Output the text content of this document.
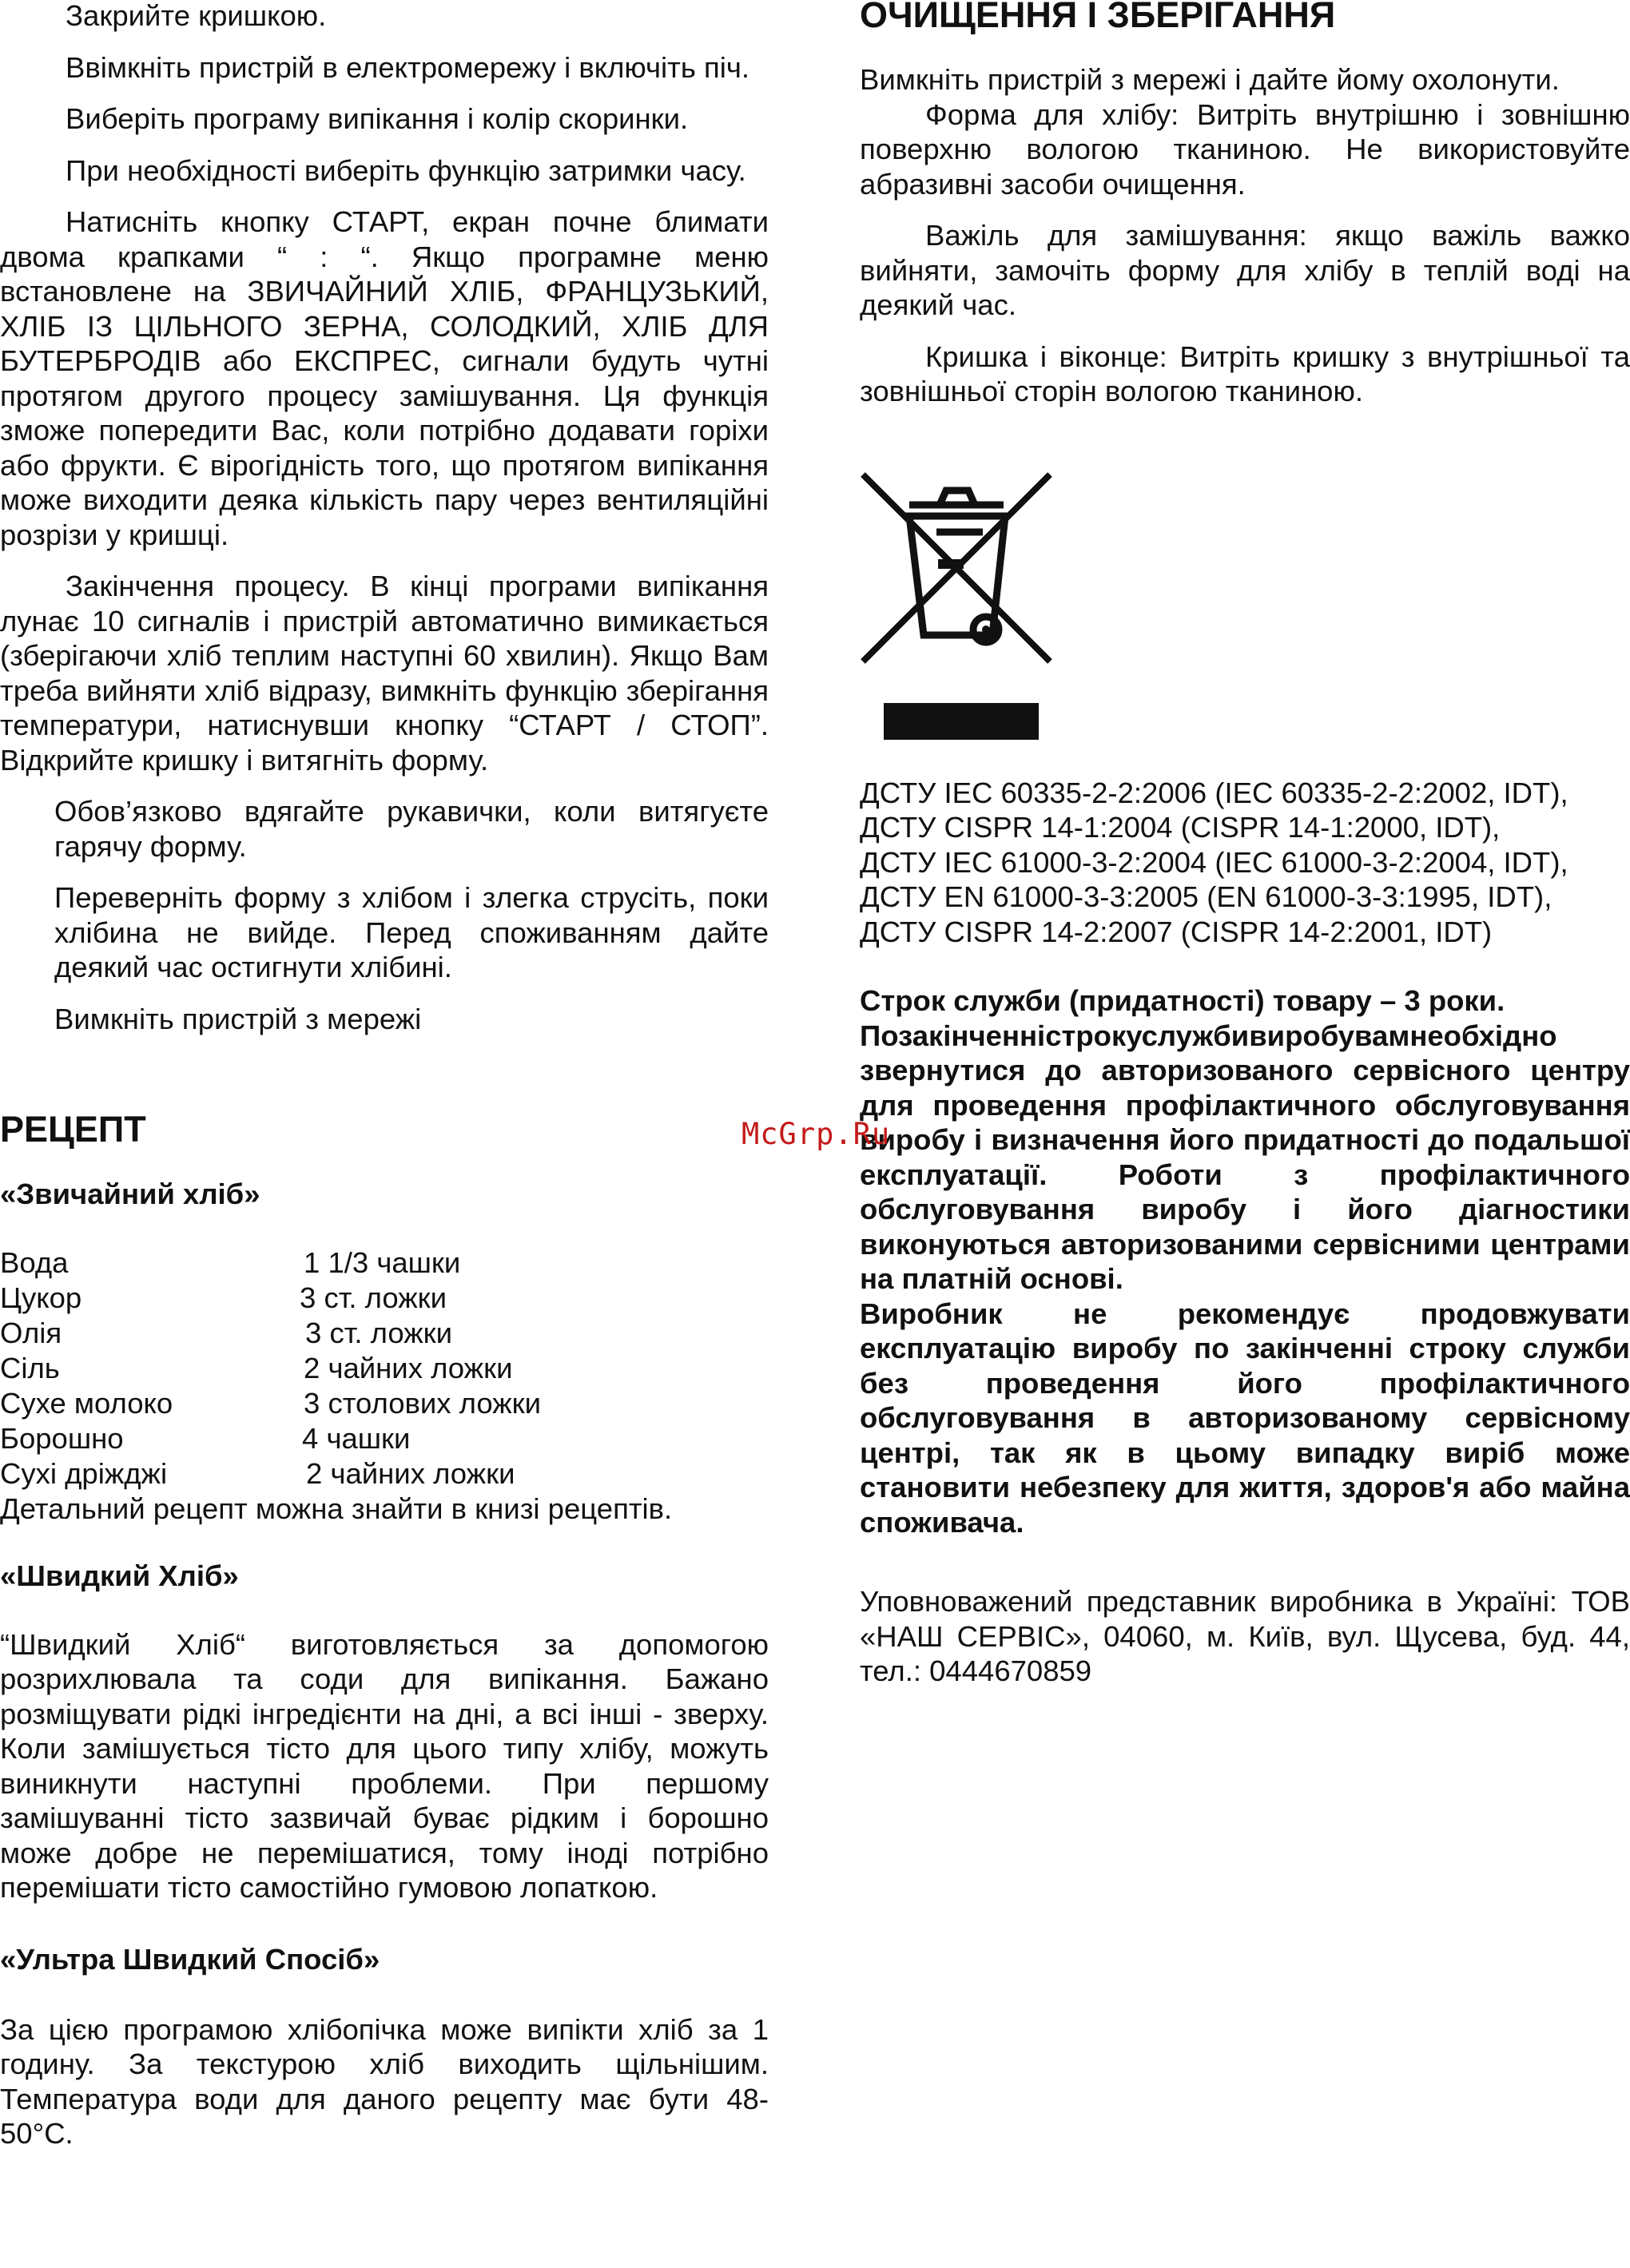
Закрийте кришкою.

Ввімкніть пристрій в електромережу і включіть піч.

Виберіть програму випікання і колір скоринки.

При необхідності виберіть функцію затримки часу.

Натисніть кнопку СТАРТ, екран почне блимати двома крапками “ : “. Якщо програмне меню встановлене на ЗВИЧАЙНИЙ ХЛІБ, ФРАНЦУЗЬКИЙ, ХЛІБ ІЗ ЦІЛЬНОГО ЗЕРНА, СОЛОДКИЙ, ХЛІБ ДЛЯ БУТЕРБРОДІВ або ЕКСПРЕС, сигнали будуть чутні протягом другого процесу замішування. Ця функція зможе попередити Вас, коли потрібно додавати горіхи або фрукти. Є вірогідність того, що протягом випікання може виходити деяка кількість пару через вентиляційні розрізи у кришці.

Закінчення процесу. В кінці програми випікання лунає 10 сигналів і пристрій автоматично вимикається (зберігаючи хліб теплим наступні 60 хвилин). Якщо Вам треба вийняти хліб відразу, вимкніть функцію зберігання температури, натиснувши кнопку “СТАРТ / СТОП”. Відкрийте кришку і витягніть форму.

Обов’язково вдягайте рукавички, коли витягуєте гарячу форму.

Переверніть форму з хлібом і злегка струсіть, поки хлібина не вийде. Перед споживанням дайте деякий час остигнути хлібині.

Вимкніть пристрій з мережі

РЕЦЕПТ
«Звичайний хліб»
Вода	1 1/3 чашки
Цукор	3 ст. ложки
Олія	3 ст. ложки
Сіль	2 чайних ложки
Сухе молоко	3 столових ложки
Борошно	4 чашки
Сухі дріжджі	2 чайних ложки

Детальний рецепт можна знайти в книзі рецептів.

«Швидкий Хліб»

“Швидкий Хліб“ виготовляється за допомогою розрихлювала та соди для випікання. Бажано розміщувати рідкі інгредієнти на дні, а всі інші - зверху. Коли замішується тісто для цього типу хлібу, можуть виникнути наступні проблеми. При першому замішуванні тісто зазвичай буває рідким і борошно може добре не перемішатися, тому іноді потрібно перемішати тісто самостійно гумовою лопаткою.

«Ультра Швидкий Спосіб»

За цією програмою хлібопічка може випікти хліб за 1 годину. За текстурою хліб виходить щільнішим. Температура води для даного рецепту має бути 48-50°С.

ОЧИЩЕННЯ І ЗБЕРІГАННЯ

Вимкніть пристрій з мережі і дайте йому охолонути.

Форма для хлібу: Витріть внутрішню і зовнішню поверхню вологою тканиною. Не використовуйте абразивні засоби очищення.

Важіль для замішування: якщо важіль важко вийняти, замочіть форму для хлібу в теплій воді на деякий час.

Кришка і віконце: Витріть кришку з внутрішньої та зовнішньої сторін вологою тканиною.

ДСТУ IEC 60335-2-2:2006 (IEC 60335-2-2:2002, IDT),

ДСТУ CISPR 14-1:2004 (CISPR 14-1:2000, IDT),

ДСТУ IEC 61000-3-2:2004 (IEC 61000-3-2:2004, IDT),

ДСТУ EN 61000-3-3:2005 (EN 61000-3-3:1995, IDT),

ДСТУ CISPR 14-2:2007 (CISPR 14-2:2001, IDT)

Строк служби (придатності) товару – 3 роки.

Позакінченністрокуслужбивиробувамнеобхідно звернутися до авторизованого сервісного центру для проведення профілактичного обслуговування виробу і визначення його придатності до подальшої експлуатації. Роботи з профілактичного обслуговування виробу і його діагностики виконуються авторизованими сервісними центрами на платній основі.

Виробник не рекомендує продовжувати експлуатацію виробу по закінченні строку служби без проведення його профілактичного обслуговування в авторизованому сервісному центрі, так як в цьому випадку виріб може становити небезпеку для життя, здоров'я або майна споживача.

Уповноважений представник виробника в Україні: ТОВ «НАШ СЕРВІС», 04060, м. Київ, вул. Щусева, буд. 44, тел.: 0444670859

McGrp.Ru
